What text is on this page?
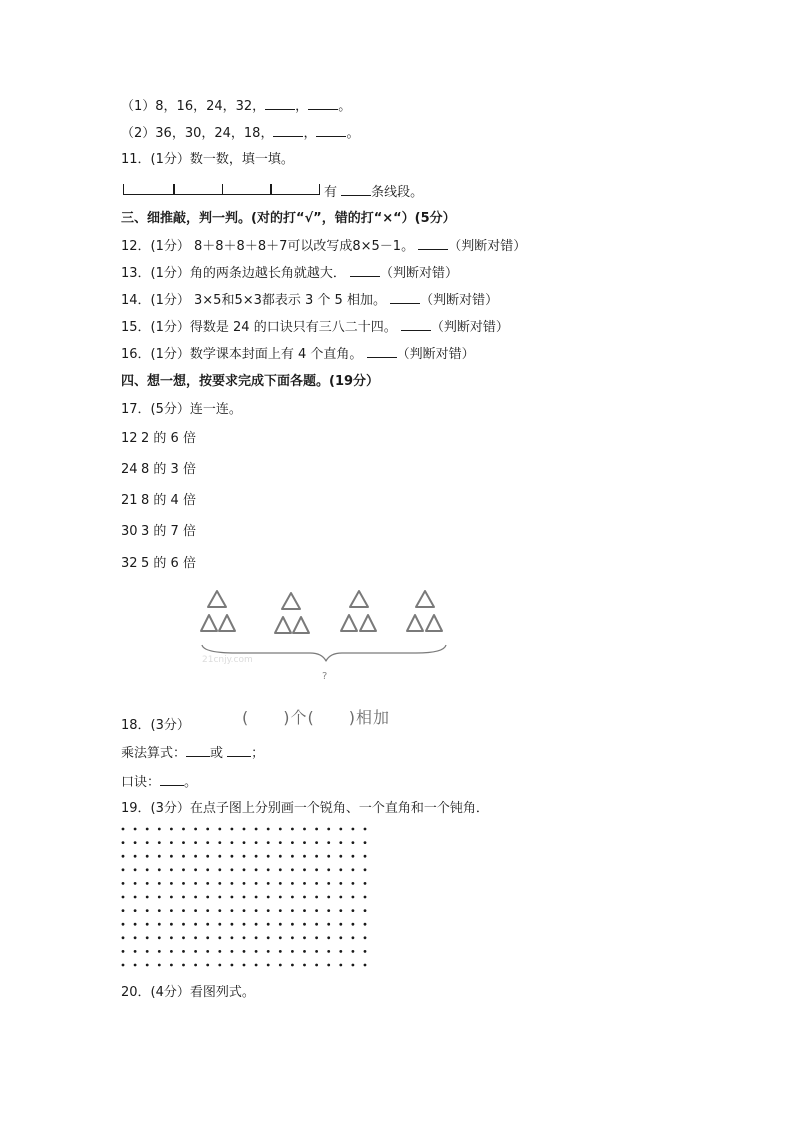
（1）8，16，24，32， ， 。
（2）36，30，24，18， ， 。
11．(1分）数一数，填一填。
有 条线段。
三、细推敲，判一判。(对的打“√”，错的打“×“）(5分）
12．(1分） 8＋8＋8＋8＋7可以改写成8×5－1。 （判断对错）
13．(1分）角的两条边越长角就越大． （判断对错）
14．(1分） 3×5和5×3都表示 3 个 5 相加。 （判断对错）
15．(1分）得数是 24 的口诀只有三八二十四。 （判断对错）
16．(1分）数学课本封面上有 4 个直角。 （判断对错）
四、想一想，按要求完成下面各题。(19分）
17．(5分）连一连。
12 2 的 6 倍
24 8 的 3 倍
21 8 的 4 倍
30 3 的 7 倍
32 5 的 6 倍
21cnjy.com
?
(　　)个(　　)相加
18．(3分）
乘法算式： 或 ；
口诀： 。
19．(3分）在点子图上分别画一个锐角、一个直角和一个钝角．
20．(4分）看图列式。
